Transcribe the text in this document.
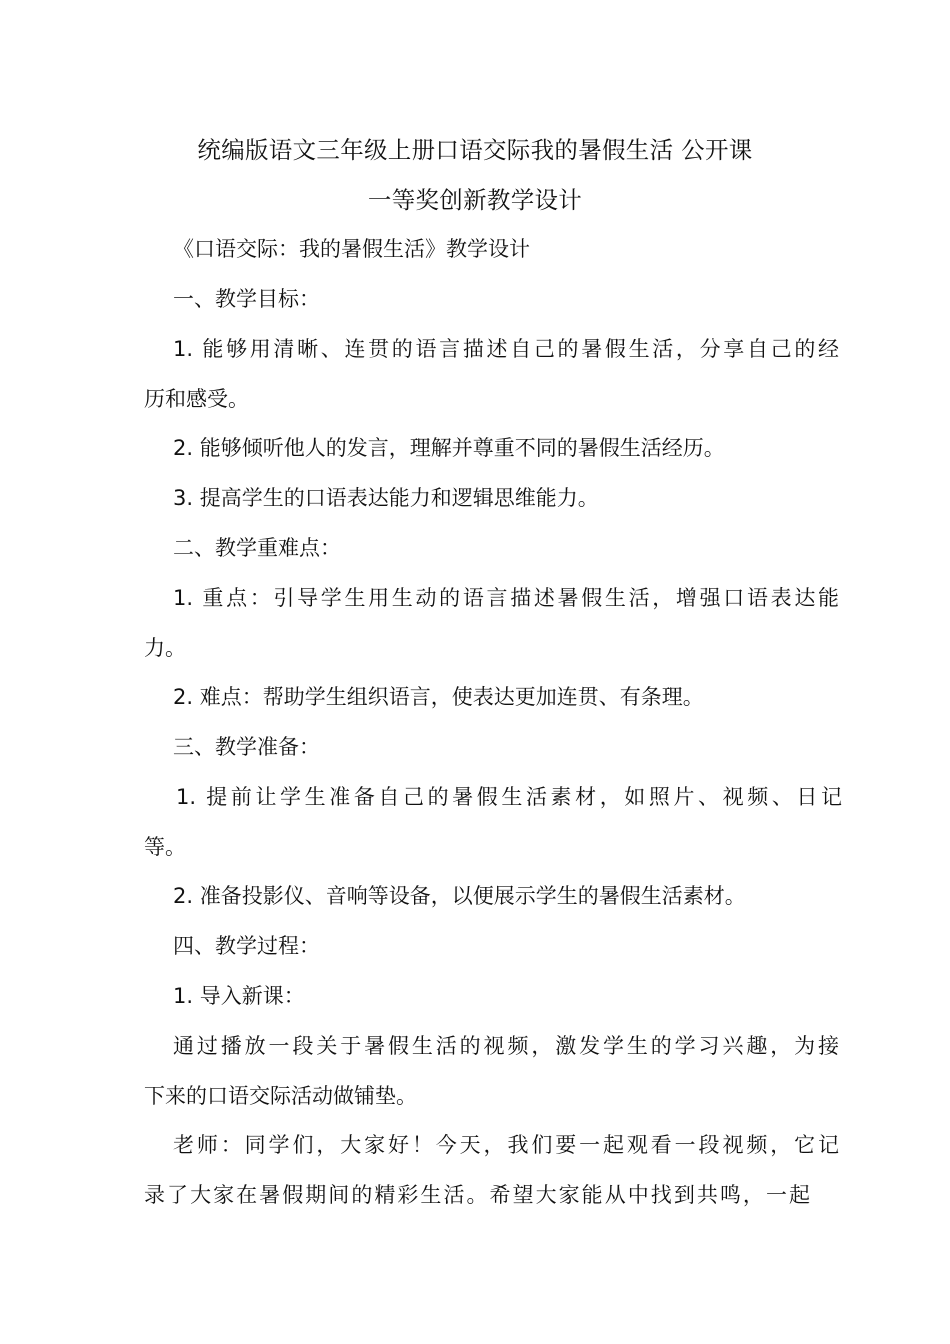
统编版语文三年级上册口语交际我的暑假生活 公开课
一等奖创新教学设计
《口语交际：我的暑假生活》教学设计
一、教学目标：
1. 能够用清晰、连贯的语言描述自己的暑假生活，分享自己的经
历和感受。
2. 能够倾听他人的发言，理解并尊重不同的暑假生活经历。
3. 提高学生的口语表达能力和逻辑思维能力。
二、教学重难点：
1. 重点：引导学生用生动的语言描述暑假生活，增强口语表达能
力。
2. 难点：帮助学生组织语言，使表达更加连贯、有条理。
三、教学准备：
1. 提前让学生准备自己的暑假生活素材，如照片、视频、日记
等。
2. 准备投影仪、音响等设备，以便展示学生的暑假生活素材。
四、教学过程：
1. 导入新课：
通过播放一段关于暑假生活的视频，激发学生的学习兴趣，为接
下来的口语交际活动做铺垫。
老师：同学们，大家好！今天，我们要一起观看一段视频，它记
录了大家在暑假期间的精彩生活。希望大家能从中找到共鸣，一起
